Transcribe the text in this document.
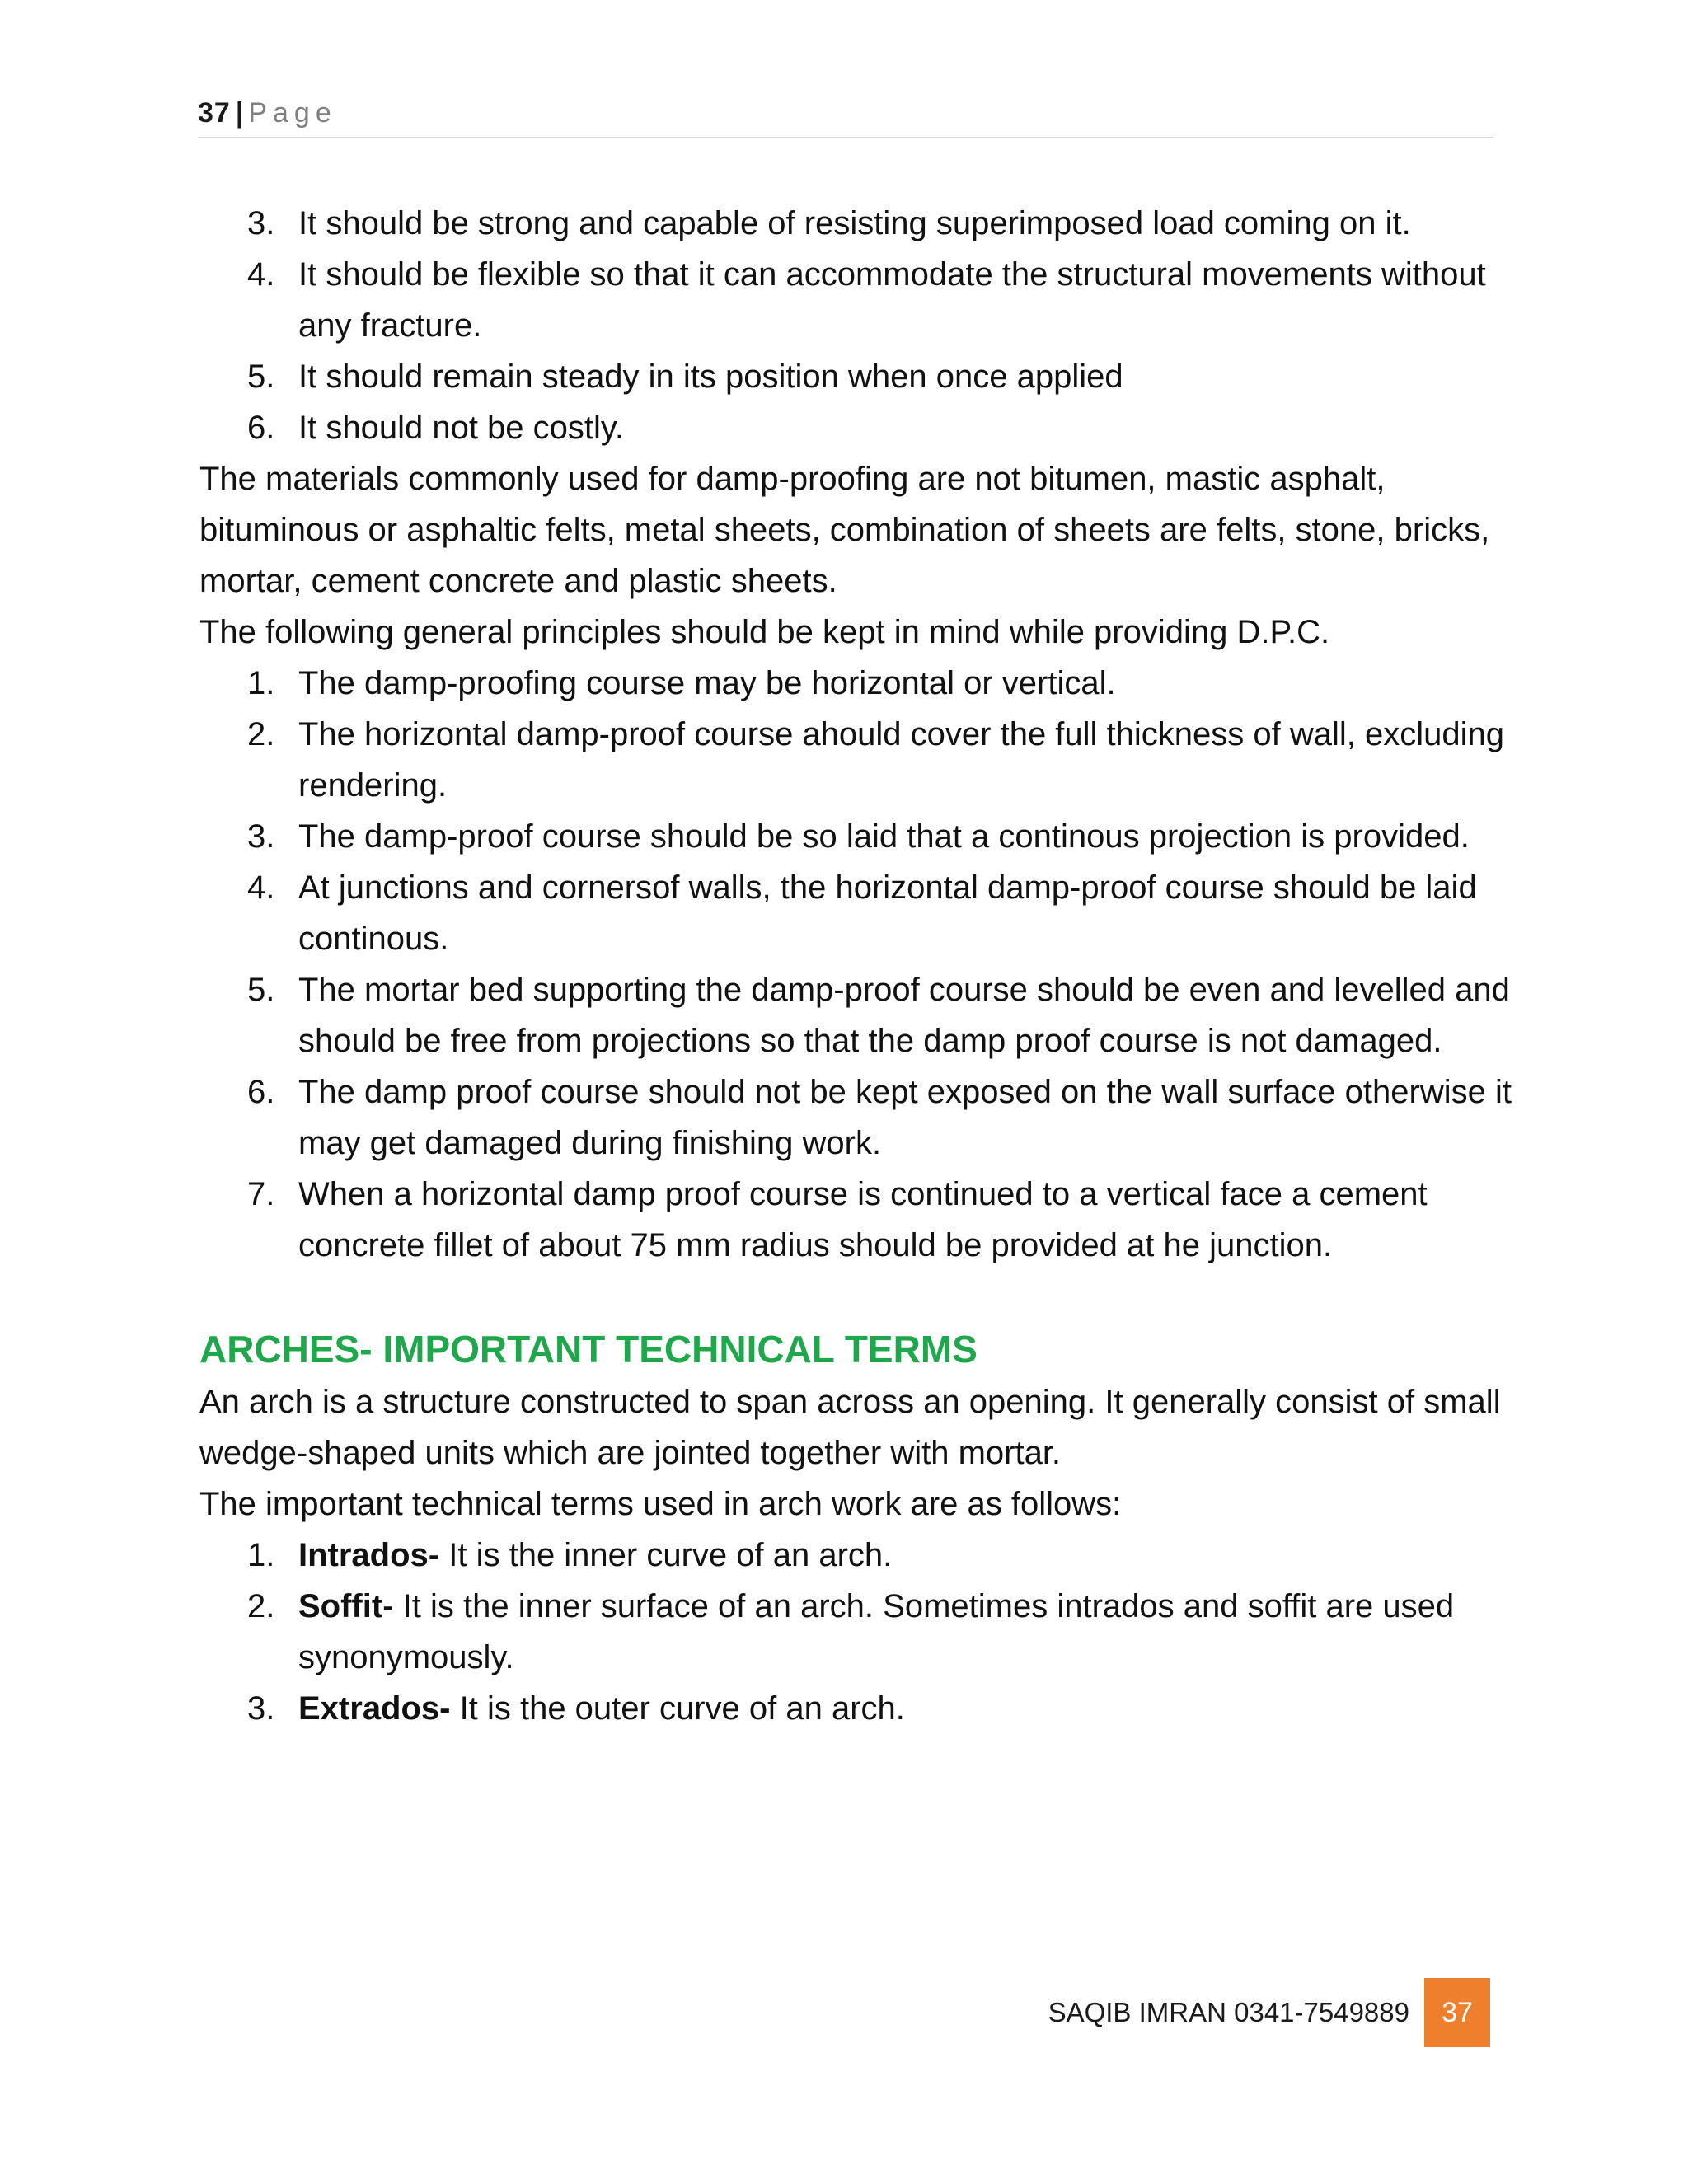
37 | Page
3. It should be strong and capable of resisting superimposed load coming on it.
4. It should be flexible so that it can accommodate the structural movements without any fracture.
5. It should remain steady in its position when once applied
6. It should not be costly.

The materials commonly used for damp-proofing are not bitumen, mastic asphalt, bituminous or asphaltic felts, metal sheets, combination of sheets are felts, stone, bricks, mortar, cement concrete and plastic sheets.

The following general principles should be kept in mind while providing D.P.C.

1. The damp-proofing course may be horizontal or vertical.
2. The horizontal damp-proof course ahould cover the full thickness of wall, excluding rendering.
3. The damp-proof course should be so laid that a continous projection is provided.
4. At junctions and cornersof walls, the horizontal damp-proof course should be laid continous.
5. The mortar bed supporting the damp-proof course should be even and levelled and should be free from projections so that the damp proof course is not damaged.
6. The damp proof course should not be kept exposed on the wall surface otherwise it may get damaged during finishing work.
7. When a horizontal damp proof course is continued to a vertical face a cement concrete fillet of about 75 mm radius should be provided at he junction.

ARCHES- IMPORTANT TECHNICAL TERMS

An arch is a structure constructed to span across an opening. It generally consist of small wedge-shaped units which are jointed together with mortar.

The important technical terms used in arch work are as follows:

1. Intrados- It is the inner curve of an arch.
2. Soffit- It is the inner surface of an arch. Sometimes intrados and soffit are used synonymously.
3. Extrados- It is the outer curve of an arch.
SAQIB IMRAN 0341-7549889	37
